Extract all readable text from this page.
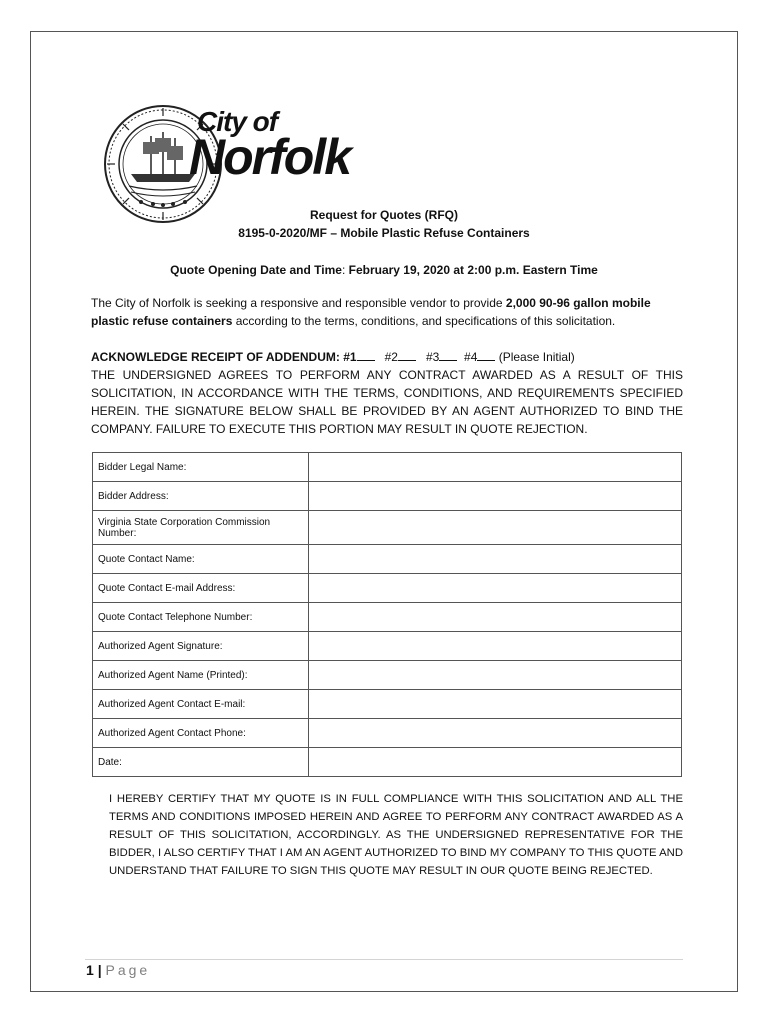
City of
Norfolk
Request for Quotes (RFQ)
8195-0-2020/MF – Mobile Plastic Refuse Containers
Quote Opening Date and Time: February 19, 2020 at 2:00 p.m. Eastern Time
The City of Norfolk is seeking a responsive and responsible vendor to provide 2,000 90-96 gallon mobile plastic refuse containers according to the terms, conditions, and specifications of this solicitation.
ACKNOWLEDGE RECEIPT OF ADDENDUM: #1 #2 #3 #4 (Please Initial)
THE UNDERSIGNED AGREES TO PERFORM ANY CONTRACT AWARDED AS A RESULT OF THIS SOLICITATION, IN ACCORDANCE WITH THE TERMS, CONDITIONS, AND REQUIREMENTS SPECIFIED HEREIN. THE SIGNATURE BELOW SHALL BE PROVIDED BY AN AGENT AUTHORIZED TO BIND THE COMPANY. FAILURE TO EXECUTE THIS PORTION MAY RESULT IN QUOTE REJECTION.
Bidder Legal Name:	
Bidder Address:	
Virginia State Corporation Commission Number:	
Quote Contact Name:	
Quote Contact E-mail Address:	
Quote Contact Telephone Number:	
Authorized Agent Signature:	
Authorized Agent Name (Printed):	
Authorized Agent Contact E-mail:	
Authorized Agent Contact Phone:	
Date:	
I HEREBY CERTIFY THAT MY QUOTE IS IN FULL COMPLIANCE WITH THIS SOLICITATION AND ALL THE TERMS AND CONDITIONS IMPOSED HEREIN AND AGREE TO PERFORM ANY CONTRACT AWARDED AS A RESULT OF THIS SOLICITATION, ACCORDINGLY. AS THE UNDERSIGNED REPRESENTATIVE FOR THE BIDDER, I ALSO CERTIFY THAT I AM AN AGENT AUTHORIZED TO BIND MY COMPANY TO THIS QUOTE AND UNDERSTAND THAT FAILURE TO SIGN THIS QUOTE MAY RESULT IN OUR QUOTE BEING REJECTED.
1 | Page
